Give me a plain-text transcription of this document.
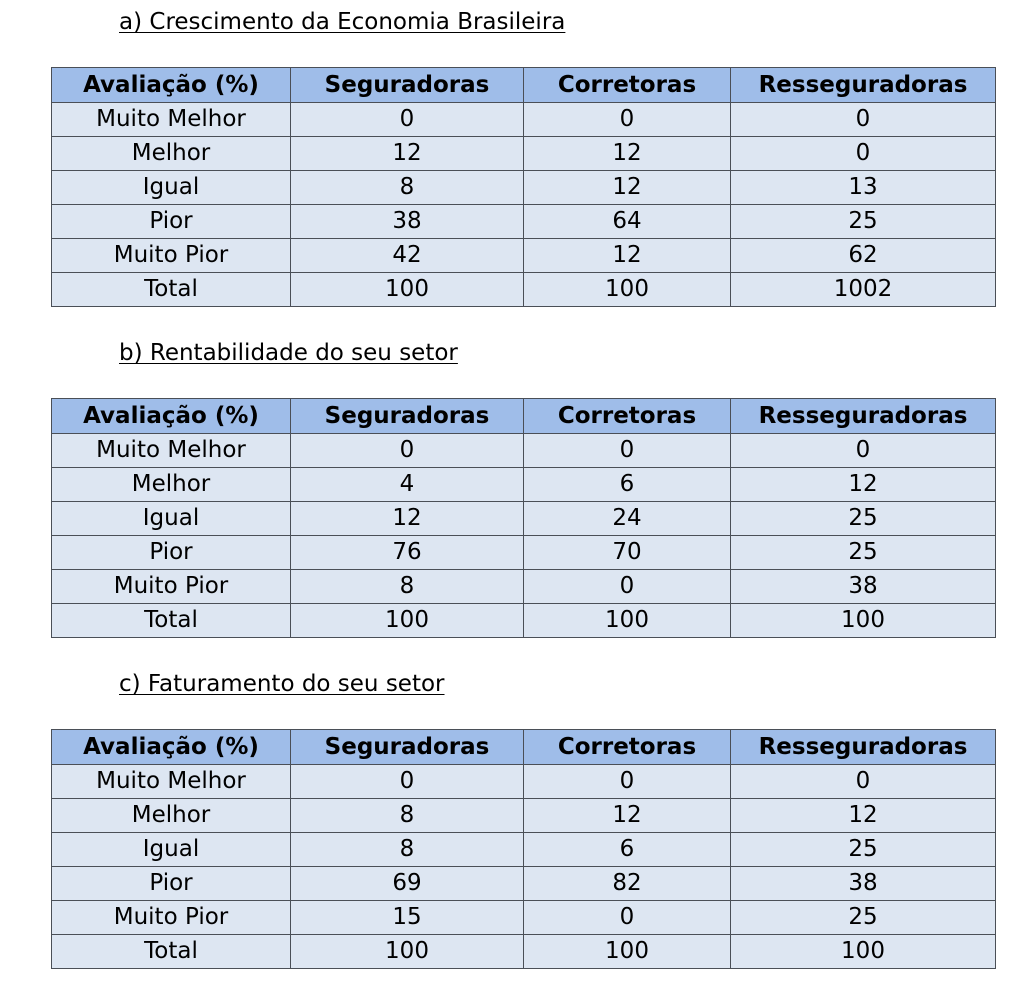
a) Crescimento da Economia Brasileira
Avaliação (%)	Seguradoras	Corretoras	Resseguradoras
Muito Melhor	0	0	0
Melhor	12	12	0
Igual	8	12	13
Pior	38	64	25
Muito Pior	42	12	62
Total	100	100	1002
b) Rentabilidade do seu setor
Avaliação (%)	Seguradoras	Corretoras	Resseguradoras
Muito Melhor	0	0	0
Melhor	4	6	12
Igual	12	24	25
Pior	76	70	25
Muito Pior	8	0	38
Total	100	100	100
c) Faturamento do seu setor
Avaliação (%)	Seguradoras	Corretoras	Resseguradoras
Muito Melhor	0	0	0
Melhor	8	12	12
Igual	8	6	25
Pior	69	82	38
Muito Pior	15	0	25
Total	100	100	100
